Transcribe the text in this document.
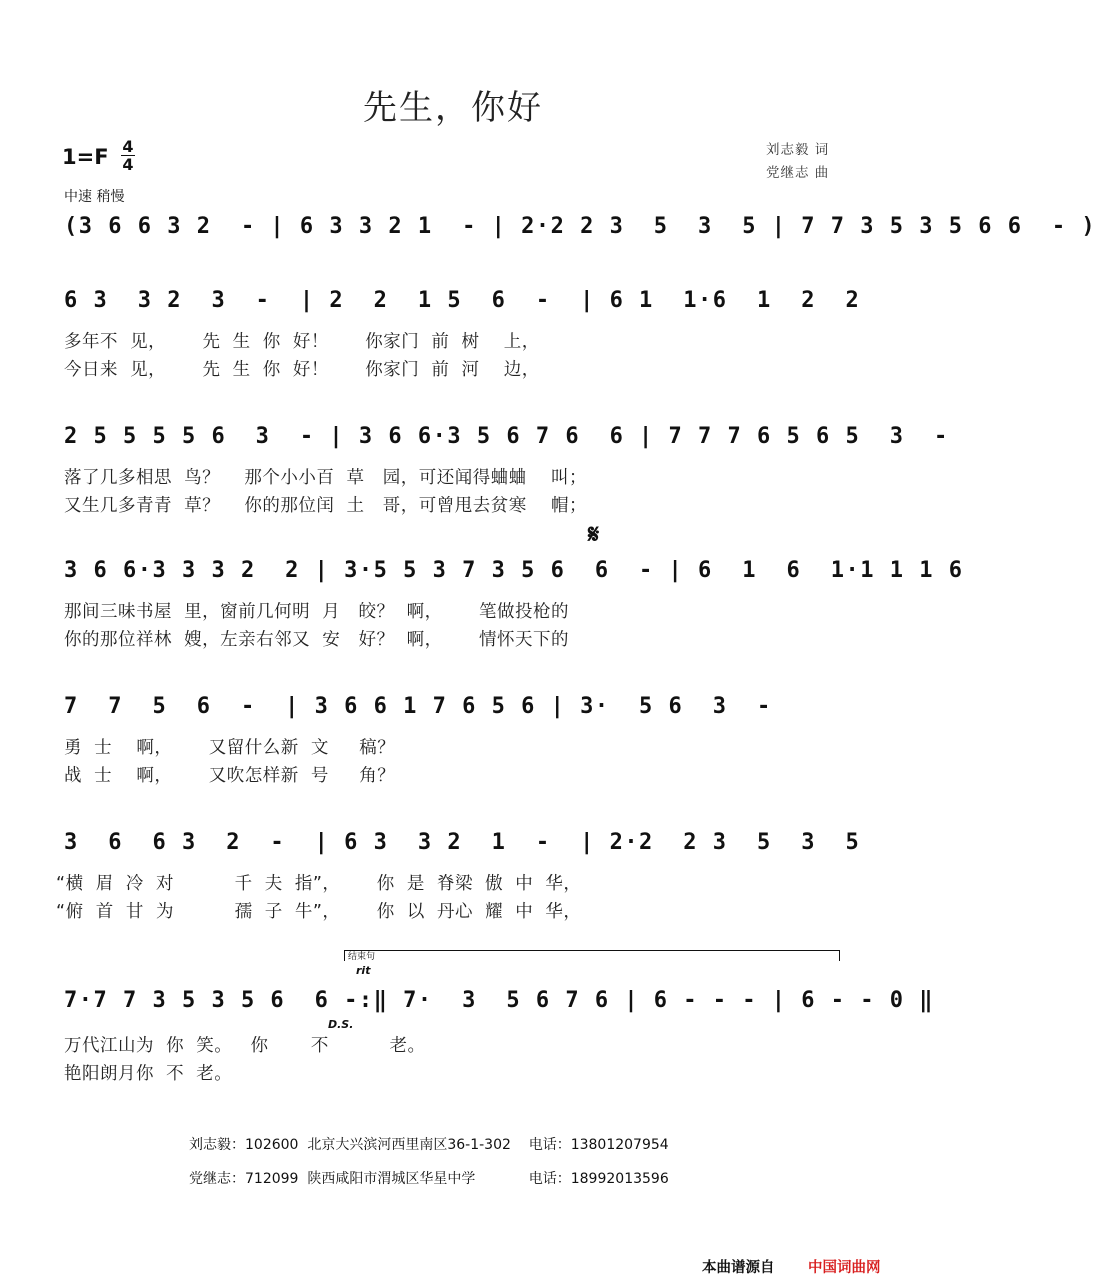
先生，你好
1=F 4
4
刘志毅 词
党继志 曲
中速 稍慢
(3 6 6 3 2  - | 6 3 3 2 1  - | 2·2 2 3  5  3  5 | 7 7 3 5 3 5 6 6  - )
6 3  3 2  3  -  | 2  2  1 5  6  -  | 6 1  1·6  1  2  2
多年不  见，      先  生  你  好！      你家门  前  树    上，
今日来  见，      先  生  你  好！      你家门  前  河    边，
2 5 5 5 5 6  3  - | 3 6 6·3 5 6 7 6  6 | 7 7 7 6 5 6 5  3  -
落了几多相思  鸟？    那个小小百  草   园，可还闻得蛐蛐    叫；
又生几多青青  草？    你的那位闰  土   哥，可曾甩去贫寒    帽；
𝄋
3 6 6·3 3 3 2  2 | 3·5 5 3 7 3 5 6  6  - | 6  1  6  1·1 1 1 6
那间三味书屋  里，窗前几何明  月   皎？  啊，      笔做投枪的
你的那位祥林  嫂，左亲右邻又  安   好？  啊，      情怀天下的
7  7  5  6  -  | 3 6 6 1 7 6 5 6 | 3·  5 6  3  -
勇  士    啊，      又留什么新  文     稿？
战  士    啊，      又吹怎样新  号     角？
3  6  6 3  2  -  | 6 3  3 2  1  -  | 2·2  2 3  5  3  5
“横  眉  冷  对          千  夫  指”，      你  是  脊梁  傲  中  华，
“俯  首  甘  为          孺  子  牛”，      你  以  丹心  耀  中  华，
结束句
rit
7·7 7 3 5 3 5 6  6 -:‖ 7·  3  5 6 7 6 | 6 - - - | 6 - - 0 ‖
D.S.
万代江山为  你  笑。   你       不          老。
艳阳朗月你  不  老。
刘志毅：102600  北京大兴滨河西里南区36-1-302    电话：13801207954
党继志：712099  陕西咸阳市渭城区华星中学            电话：18992013596
本曲谱源自 中国词曲网
